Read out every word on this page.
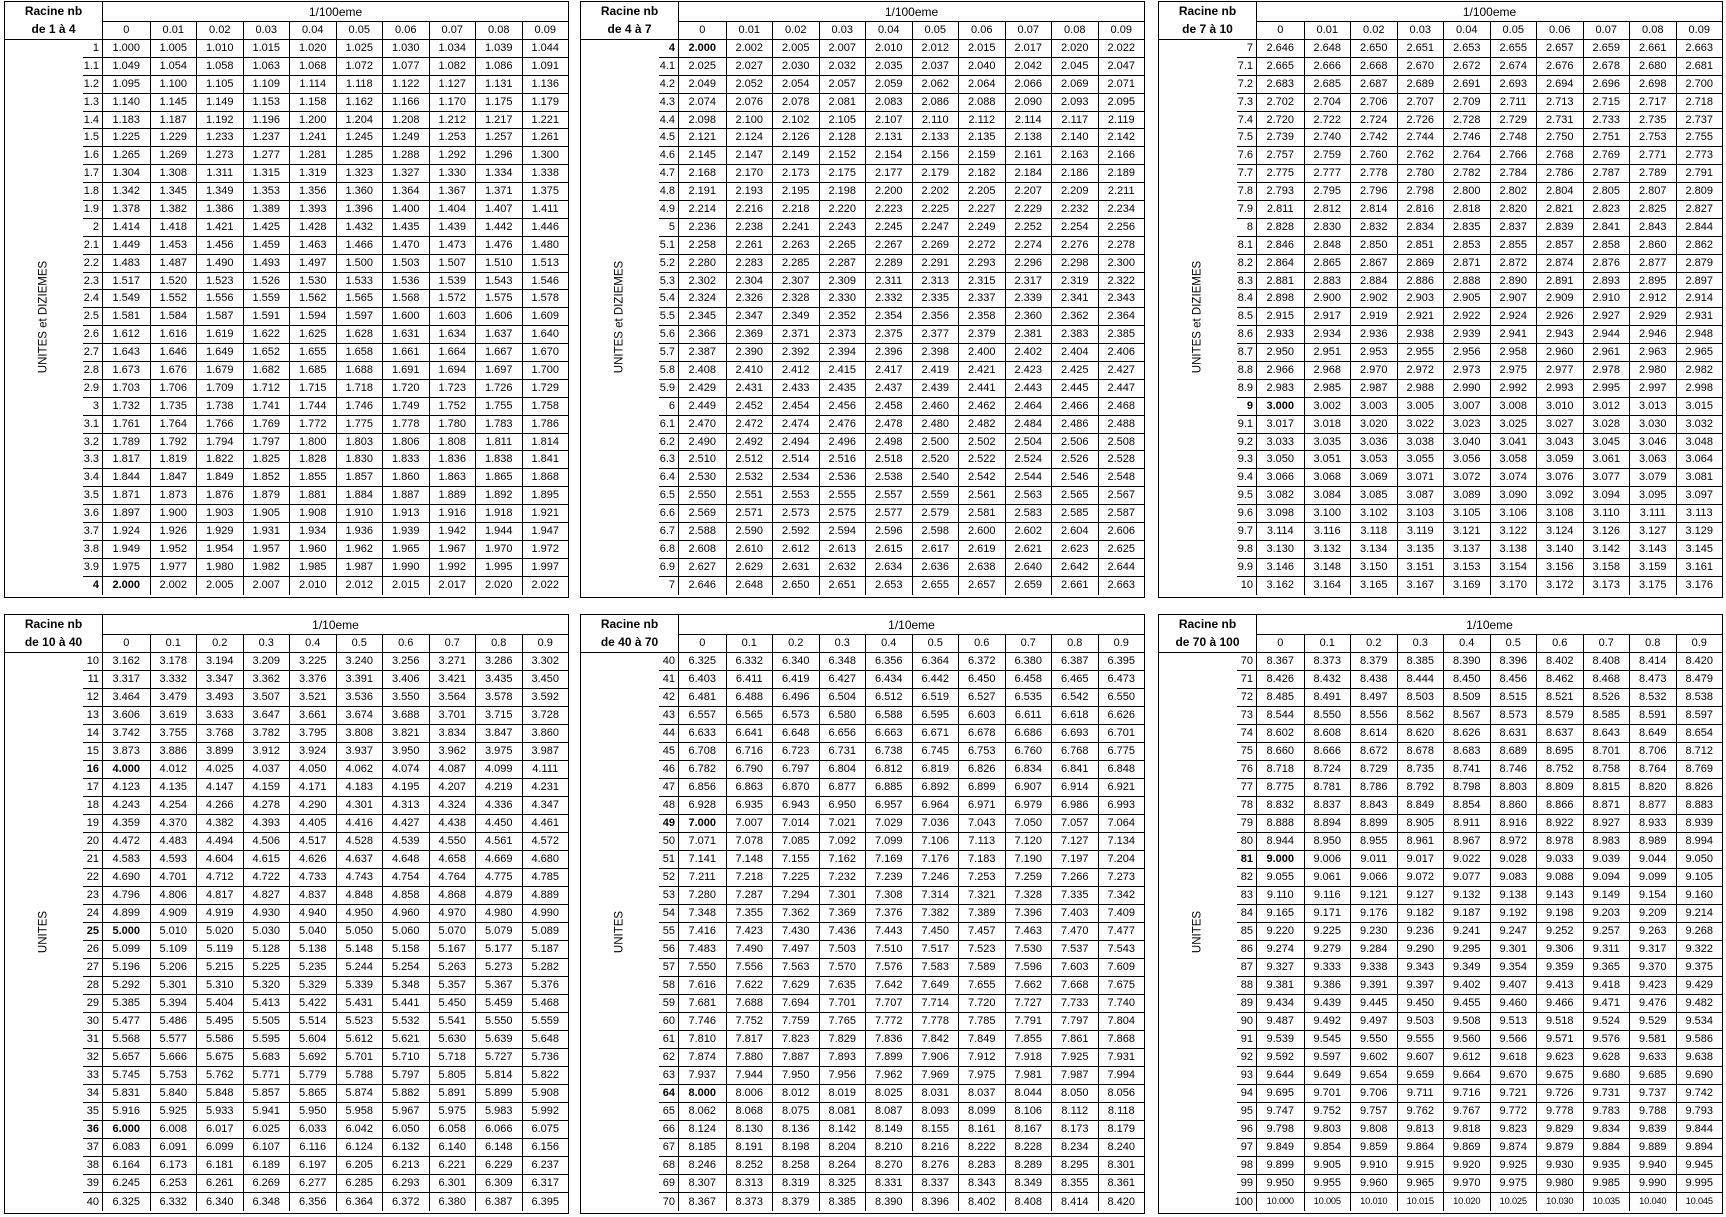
Racine nb
de 1 à 4
1/100eme
0	0.01	0.02	0.03	0.04	0.05	0.06	0.07	0.08	0.09
UNITES et DIZIEMES
1	1.000	1.005	1.010	1.015	1.020	1.025	1.030	1.034	1.039	1.044
1.1	1.049	1.054	1.058	1.063	1.068	1.072	1.077	1.082	1.086	1.091
1.2	1.095	1.100	1.105	1.109	1.114	1.118	1.122	1.127	1.131	1.136
1.3	1.140	1.145	1.149	1.153	1.158	1.162	1.166	1.170	1.175	1.179
1.4	1.183	1.187	1.192	1.196	1.200	1.204	1.208	1.212	1.217	1.221
1.5	1.225	1.229	1.233	1.237	1.241	1.245	1.249	1.253	1.257	1.261
1.6	1.265	1.269	1.273	1.277	1.281	1.285	1.288	1.292	1.296	1.300
1.7	1.304	1.308	1.311	1.315	1.319	1.323	1.327	1.330	1.334	1.338
1.8	1.342	1.345	1.349	1.353	1.356	1.360	1.364	1.367	1.371	1.375
1.9	1.378	1.382	1.386	1.389	1.393	1.396	1.400	1.404	1.407	1.411
2	1.414	1.418	1.421	1.425	1.428	1.432	1.435	1.439	1.442	1.446
2.1	1.449	1.453	1.456	1.459	1.463	1.466	1.470	1.473	1.476	1.480
2.2	1.483	1.487	1.490	1.493	1.497	1.500	1.503	1.507	1.510	1.513
2.3	1.517	1.520	1.523	1.526	1.530	1.533	1.536	1.539	1.543	1.546
2.4	1.549	1.552	1.556	1.559	1.562	1.565	1.568	1.572	1.575	1.578
2.5	1.581	1.584	1.587	1.591	1.594	1.597	1.600	1.603	1.606	1.609
2.6	1.612	1.616	1.619	1.622	1.625	1.628	1.631	1.634	1.637	1.640
2.7	1.643	1.646	1.649	1.652	1.655	1.658	1.661	1.664	1.667	1.670
2.8	1.673	1.676	1.679	1.682	1.685	1.688	1.691	1.694	1.697	1.700
2.9	1.703	1.706	1.709	1.712	1.715	1.718	1.720	1.723	1.726	1.729
3	1.732	1.735	1.738	1.741	1.744	1.746	1.749	1.752	1.755	1.758
3.1	1.761	1.764	1.766	1.769	1.772	1.775	1.778	1.780	1.783	1.786
3.2	1.789	1.792	1.794	1.797	1.800	1.803	1.806	1.808	1.811	1.814
3.3	1.817	1.819	1.822	1.825	1.828	1.830	1.833	1.836	1.838	1.841
3.4	1.844	1.847	1.849	1.852	1.855	1.857	1.860	1.863	1.865	1.868
3.5	1.871	1.873	1.876	1.879	1.881	1.884	1.887	1.889	1.892	1.895
3.6	1.897	1.900	1.903	1.905	1.908	1.910	1.913	1.916	1.918	1.921
3.7	1.924	1.926	1.929	1.931	1.934	1.936	1.939	1.942	1.944	1.947
3.8	1.949	1.952	1.954	1.957	1.960	1.962	1.965	1.967	1.970	1.972
3.9	1.975	1.977	1.980	1.982	1.985	1.987	1.990	1.992	1.995	1.997
4	2.000	2.002	2.005	2.007	2.010	2.012	2.015	2.017	2.020	2.022
Racine nb
de 4 à 7
1/100eme
0	0.01	0.02	0.03	0.04	0.05	0.06	0.07	0.08	0.09
UNITES et DIZIEMES
4	2.000	2.002	2.005	2.007	2.010	2.012	2.015	2.017	2.020	2.022
4.1	2.025	2.027	2.030	2.032	2.035	2.037	2.040	2.042	2.045	2.047
4.2	2.049	2.052	2.054	2.057	2.059	2.062	2.064	2.066	2.069	2.071
4.3	2.074	2.076	2.078	2.081	2.083	2.086	2.088	2.090	2.093	2.095
4.4	2.098	2.100	2.102	2.105	2.107	2.110	2.112	2.114	2.117	2.119
4.5	2.121	2.124	2.126	2.128	2.131	2.133	2.135	2.138	2.140	2.142
4.6	2.145	2.147	2.149	2.152	2.154	2.156	2.159	2.161	2.163	2.166
4.7	2.168	2.170	2.173	2.175	2.177	2.179	2.182	2.184	2.186	2.189
4.8	2.191	2.193	2.195	2.198	2.200	2.202	2.205	2.207	2.209	2.211
4.9	2.214	2.216	2.218	2.220	2.223	2.225	2.227	2.229	2.232	2.234
5	2.236	2.238	2.241	2.243	2.245	2.247	2.249	2.252	2.254	2.256
5.1	2.258	2.261	2.263	2.265	2.267	2.269	2.272	2.274	2.276	2.278
5.2	2.280	2.283	2.285	2.287	2.289	2.291	2.293	2.296	2.298	2.300
5.3	2.302	2.304	2.307	2.309	2.311	2.313	2.315	2.317	2.319	2.322
5.4	2.324	2.326	2.328	2.330	2.332	2.335	2.337	2.339	2.341	2.343
5.5	2.345	2.347	2.349	2.352	2.354	2.356	2.358	2.360	2.362	2.364
5.6	2.366	2.369	2.371	2.373	2.375	2.377	2.379	2.381	2.383	2.385
5.7	2.387	2.390	2.392	2.394	2.396	2.398	2.400	2.402	2.404	2.406
5.8	2.408	2.410	2.412	2.415	2.417	2.419	2.421	2.423	2.425	2.427
5.9	2.429	2.431	2.433	2.435	2.437	2.439	2.441	2.443	2.445	2.447
6	2.449	2.452	2.454	2.456	2.458	2.460	2.462	2.464	2.466	2.468
6.1	2.470	2.472	2.474	2.476	2.478	2.480	2.482	2.484	2.486	2.488
6.2	2.490	2.492	2.494	2.496	2.498	2.500	2.502	2.504	2.506	2.508
6.3	2.510	2.512	2.514	2.516	2.518	2.520	2.522	2.524	2.526	2.528
6.4	2.530	2.532	2.534	2.536	2.538	2.540	2.542	2.544	2.546	2.548
6.5	2.550	2.551	2.553	2.555	2.557	2.559	2.561	2.563	2.565	2.567
6.6	2.569	2.571	2.573	2.575	2.577	2.579	2.581	2.583	2.585	2.587
6.7	2.588	2.590	2.592	2.594	2.596	2.598	2.600	2.602	2.604	2.606
6.8	2.608	2.610	2.612	2.613	2.615	2.617	2.619	2.621	2.623	2.625
6.9	2.627	2.629	2.631	2.632	2.634	2.636	2.638	2.640	2.642	2.644
7	2.646	2.648	2.650	2.651	2.653	2.655	2.657	2.659	2.661	2.663
Racine nb
de 7 à 10
1/100eme
0	0.01	0.02	0.03	0.04	0.05	0.06	0.07	0.08	0.09
UNITES et DIZIEMES
7	2.646	2.648	2.650	2.651	2.653	2.655	2.657	2.659	2.661	2.663
7.1	2.665	2.666	2.668	2.670	2.672	2.674	2.676	2.678	2.680	2.681
7.2	2.683	2.685	2.687	2.689	2.691	2.693	2.694	2.696	2.698	2.700
7.3	2.702	2.704	2.706	2.707	2.709	2.711	2.713	2.715	2.717	2.718
7.4	2.720	2.722	2.724	2.726	2.728	2.729	2.731	2.733	2.735	2.737
7.5	2.739	2.740	2.742	2.744	2.746	2.748	2.750	2.751	2.753	2.755
7.6	2.757	2.759	2.760	2.762	2.764	2.766	2.768	2.769	2.771	2.773
7.7	2.775	2.777	2.778	2.780	2.782	2.784	2.786	2.787	2.789	2.791
7.8	2.793	2.795	2.796	2.798	2.800	2.802	2.804	2.805	2.807	2.809
7.9	2.811	2.812	2.814	2.816	2.818	2.820	2.821	2.823	2.825	2.827
8	2.828	2.830	2.832	2.834	2.835	2.837	2.839	2.841	2.843	2.844
8.1	2.846	2.848	2.850	2.851	2.853	2.855	2.857	2.858	2.860	2.862
8.2	2.864	2.865	2.867	2.869	2.871	2.872	2.874	2.876	2.877	2.879
8.3	2.881	2.883	2.884	2.886	2.888	2.890	2.891	2.893	2.895	2.897
8.4	2.898	2.900	2.902	2.903	2.905	2.907	2.909	2.910	2.912	2.914
8.5	2.915	2.917	2.919	2.921	2.922	2.924	2.926	2.927	2.929	2.931
8.6	2.933	2.934	2.936	2.938	2.939	2.941	2.943	2.944	2.946	2.948
8.7	2.950	2.951	2.953	2.955	2.956	2.958	2.960	2.961	2.963	2.965
8.8	2.966	2.968	2.970	2.972	2.973	2.975	2.977	2.978	2.980	2.982
8.9	2.983	2.985	2.987	2.988	2.990	2.992	2.993	2.995	2.997	2.998
9	3.000	3.002	3.003	3.005	3.007	3.008	3.010	3.012	3.013	3.015
9.1	3.017	3.018	3.020	3.022	3.023	3.025	3.027	3.028	3.030	3.032
9.2	3.033	3.035	3.036	3.038	3.040	3.041	3.043	3.045	3.046	3.048
9.3	3.050	3.051	3.053	3.055	3.056	3.058	3.059	3.061	3.063	3.064
9.4	3.066	3.068	3.069	3.071	3.072	3.074	3.076	3.077	3.079	3.081
9.5	3.082	3.084	3.085	3.087	3.089	3.090	3.092	3.094	3.095	3.097
9.6	3.098	3.100	3.102	3.103	3.105	3.106	3.108	3.110	3.111	3.113
9.7	3.114	3.116	3.118	3.119	3.121	3.122	3.124	3.126	3.127	3.129
9.8	3.130	3.132	3.134	3.135	3.137	3.138	3.140	3.142	3.143	3.145
9.9	3.146	3.148	3.150	3.151	3.153	3.154	3.156	3.158	3.159	3.161
10	3.162	3.164	3.165	3.167	3.169	3.170	3.172	3.173	3.175	3.176
Racine nb
de 10 à 40
1/10eme
0	0.1	0.2	0.3	0.4	0.5	0.6	0.7	0.8	0.9
UNITES
10	3.162	3.178	3.194	3.209	3.225	3.240	3.256	3.271	3.286	3.302
11	3.317	3.332	3.347	3.362	3.376	3.391	3.406	3.421	3.435	3.450
12	3.464	3.479	3.493	3.507	3.521	3.536	3.550	3.564	3.578	3.592
13	3.606	3.619	3.633	3.647	3.661	3.674	3.688	3.701	3.715	3.728
14	3.742	3.755	3.768	3.782	3.795	3.808	3.821	3.834	3.847	3.860
15	3.873	3.886	3.899	3.912	3.924	3.937	3.950	3.962	3.975	3.987
16	4.000	4.012	4.025	4.037	4.050	4.062	4.074	4.087	4.099	4.111
17	4.123	4.135	4.147	4.159	4.171	4.183	4.195	4.207	4.219	4.231
18	4.243	4.254	4.266	4.278	4.290	4.301	4.313	4.324	4.336	4.347
19	4.359	4.370	4.382	4.393	4.405	4.416	4.427	4.438	4.450	4.461
20	4.472	4.483	4.494	4.506	4.517	4.528	4.539	4.550	4.561	4.572
21	4.583	4.593	4.604	4.615	4.626	4.637	4.648	4.658	4.669	4.680
22	4.690	4.701	4.712	4.722	4.733	4.743	4.754	4.764	4.775	4.785
23	4.796	4.806	4.817	4.827	4.837	4.848	4.858	4.868	4.879	4.889
24	4.899	4.909	4.919	4.930	4.940	4.950	4.960	4.970	4.980	4.990
25	5.000	5.010	5.020	5.030	5.040	5.050	5.060	5.070	5.079	5.089
26	5.099	5.109	5.119	5.128	5.138	5.148	5.158	5.167	5.177	5.187
27	5.196	5.206	5.215	5.225	5.235	5.244	5.254	5.263	5.273	5.282
28	5.292	5.301	5.310	5.320	5.329	5.339	5.348	5.357	5.367	5.376
29	5.385	5.394	5.404	5.413	5.422	5.431	5.441	5.450	5.459	5.468
30	5.477	5.486	5.495	5.505	5.514	5.523	5.532	5.541	5.550	5.559
31	5.568	5.577	5.586	5.595	5.604	5.612	5.621	5.630	5.639	5.648
32	5.657	5.666	5.675	5.683	5.692	5.701	5.710	5.718	5.727	5.736
33	5.745	5.753	5.762	5.771	5.779	5.788	5.797	5.805	5.814	5.822
34	5.831	5.840	5.848	5.857	5.865	5.874	5.882	5.891	5.899	5.908
35	5.916	5.925	5.933	5.941	5.950	5.958	5.967	5.975	5.983	5.992
36	6.000	6.008	6.017	6.025	6.033	6.042	6.050	6.058	6.066	6.075
37	6.083	6.091	6.099	6.107	6.116	6.124	6.132	6.140	6.148	6.156
38	6.164	6.173	6.181	6.189	6.197	6.205	6.213	6.221	6.229	6.237
39	6.245	6.253	6.261	6.269	6.277	6.285	6.293	6.301	6.309	6.317
40	6.325	6.332	6.340	6.348	6.356	6.364	6.372	6.380	6.387	6.395
Racine nb
de 40 à 70
1/10eme
0	0.1	0.2	0.3	0.4	0.5	0.6	0.7	0.8	0.9
UNITES
40	6.325	6.332	6.340	6.348	6.356	6.364	6.372	6.380	6.387	6.395
41	6.403	6.411	6.419	6.427	6.434	6.442	6.450	6.458	6.465	6.473
42	6.481	6.488	6.496	6.504	6.512	6.519	6.527	6.535	6.542	6.550
43	6.557	6.565	6.573	6.580	6.588	6.595	6.603	6.611	6.618	6.626
44	6.633	6.641	6.648	6.656	6.663	6.671	6.678	6.686	6.693	6.701
45	6.708	6.716	6.723	6.731	6.738	6.745	6.753	6.760	6.768	6.775
46	6.782	6.790	6.797	6.804	6.812	6.819	6.826	6.834	6.841	6.848
47	6.856	6.863	6.870	6.877	6.885	6.892	6.899	6.907	6.914	6.921
48	6.928	6.935	6.943	6.950	6.957	6.964	6.971	6.979	6.986	6.993
49	7.000	7.007	7.014	7.021	7.029	7.036	7.043	7.050	7.057	7.064
50	7.071	7.078	7.085	7.092	7.099	7.106	7.113	7.120	7.127	7.134
51	7.141	7.148	7.155	7.162	7.169	7.176	7.183	7.190	7.197	7.204
52	7.211	7.218	7.225	7.232	7.239	7.246	7.253	7.259	7.266	7.273
53	7.280	7.287	7.294	7.301	7.308	7.314	7.321	7.328	7.335	7.342
54	7.348	7.355	7.362	7.369	7.376	7.382	7.389	7.396	7.403	7.409
55	7.416	7.423	7.430	7.436	7.443	7.450	7.457	7.463	7.470	7.477
56	7.483	7.490	7.497	7.503	7.510	7.517	7.523	7.530	7.537	7.543
57	7.550	7.556	7.563	7.570	7.576	7.583	7.589	7.596	7.603	7.609
58	7.616	7.622	7.629	7.635	7.642	7.649	7.655	7.662	7.668	7.675
59	7.681	7.688	7.694	7.701	7.707	7.714	7.720	7.727	7.733	7.740
60	7.746	7.752	7.759	7.765	7.772	7.778	7.785	7.791	7.797	7.804
61	7.810	7.817	7.823	7.829	7.836	7.842	7.849	7.855	7.861	7.868
62	7.874	7.880	7.887	7.893	7.899	7.906	7.912	7.918	7.925	7.931
63	7.937	7.944	7.950	7.956	7.962	7.969	7.975	7.981	7.987	7.994
64	8.000	8.006	8.012	8.019	8.025	8.031	8.037	8.044	8.050	8.056
65	8.062	8.068	8.075	8.081	8.087	8.093	8.099	8.106	8.112	8.118
66	8.124	8.130	8.136	8.142	8.149	8.155	8.161	8.167	8.173	8.179
67	8.185	8.191	8.198	8.204	8.210	8.216	8.222	8.228	8.234	8.240
68	8.246	8.252	8.258	8.264	8.270	8.276	8.283	8.289	8.295	8.301
69	8.307	8.313	8.319	8.325	8.331	8.337	8.343	8.349	8.355	8.361
70	8.367	8.373	8.379	8.385	8.390	8.396	8.402	8.408	8.414	8.420
Racine nb
de 70 à 100
1/10eme
0	0.1	0.2	0.3	0.4	0.5	0.6	0.7	0.8	0.9
UNITES
70	8.367	8.373	8.379	8.385	8.390	8.396	8.402	8.408	8.414	8.420
71	8.426	8.432	8.438	8.444	8.450	8.456	8.462	8.468	8.473	8.479
72	8.485	8.491	8.497	8.503	8.509	8.515	8.521	8.526	8.532	8.538
73	8.544	8.550	8.556	8.562	8.567	8.573	8.579	8.585	8.591	8.597
74	8.602	8.608	8.614	8.620	8.626	8.631	8.637	8.643	8.649	8.654
75	8.660	8.666	8.672	8.678	8.683	8.689	8.695	8.701	8.706	8.712
76	8.718	8.724	8.729	8.735	8.741	8.746	8.752	8.758	8.764	8.769
77	8.775	8.781	8.786	8.792	8.798	8.803	8.809	8.815	8.820	8.826
78	8.832	8.837	8.843	8.849	8.854	8.860	8.866	8.871	8.877	8.883
79	8.888	8.894	8.899	8.905	8.911	8.916	8.922	8.927	8.933	8.939
80	8.944	8.950	8.955	8.961	8.967	8.972	8.978	8.983	8.989	8.994
81	9.000	9.006	9.011	9.017	9.022	9.028	9.033	9.039	9.044	9.050
82	9.055	9.061	9.066	9.072	9.077	9.083	9.088	9.094	9.099	9.105
83	9.110	9.116	9.121	9.127	9.132	9.138	9.143	9.149	9.154	9.160
84	9.165	9.171	9.176	9.182	9.187	9.192	9.198	9.203	9.209	9.214
85	9.220	9.225	9.230	9.236	9.241	9.247	9.252	9.257	9.263	9.268
86	9.274	9.279	9.284	9.290	9.295	9.301	9.306	9.311	9.317	9.322
87	9.327	9.333	9.338	9.343	9.349	9.354	9.359	9.365	9.370	9.375
88	9.381	9.386	9.391	9.397	9.402	9.407	9.413	9.418	9.423	9.429
89	9.434	9.439	9.445	9.450	9.455	9.460	9.466	9.471	9.476	9.482
90	9.487	9.492	9.497	9.503	9.508	9.513	9.518	9.524	9.529	9.534
91	9.539	9.545	9.550	9.555	9.560	9.566	9.571	9.576	9.581	9.586
92	9.592	9.597	9.602	9.607	9.612	9.618	9.623	9.628	9.633	9.638
93	9.644	9.649	9.654	9.659	9.664	9.670	9.675	9.680	9.685	9.690
94	9.695	9.701	9.706	9.711	9.716	9.721	9.726	9.731	9.737	9.742
95	9.747	9.752	9.757	9.762	9.767	9.772	9.778	9.783	9.788	9.793
96	9.798	9.803	9.808	9.813	9.818	9.823	9.829	9.834	9.839	9.844
97	9.849	9.854	9.859	9.864	9.869	9.874	9.879	9.884	9.889	9.894
98	9.899	9.905	9.910	9.915	9.920	9.925	9.930	9.935	9.940	9.945
99	9.950	9.955	9.960	9.965	9.970	9.975	9.980	9.985	9.990	9.995
100	10.000	10.005	10.010	10.015	10.020	10.025	10.030	10.035	10.040	10.045
